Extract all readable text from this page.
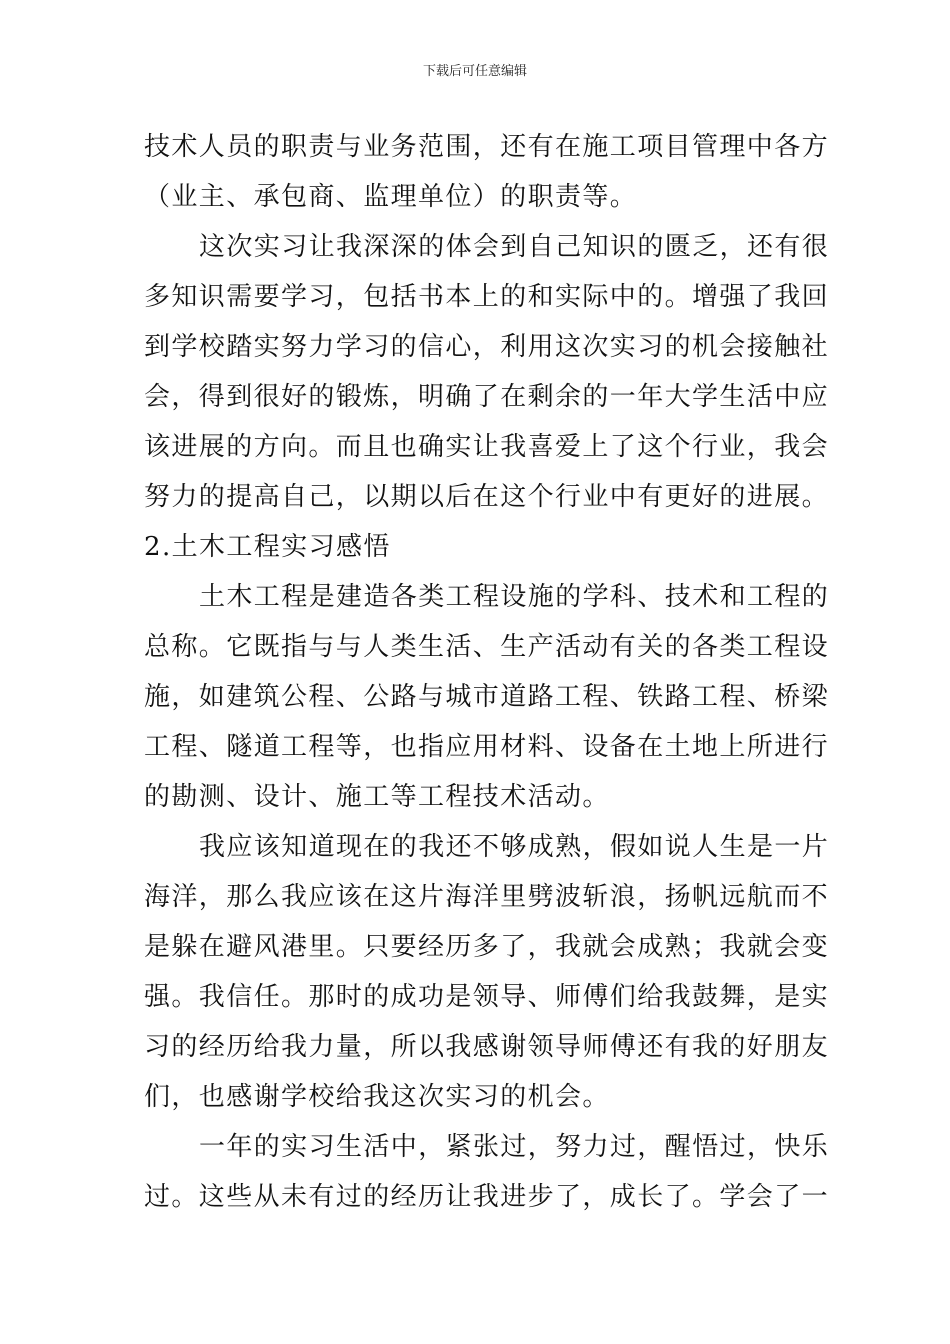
下载后可任意编辑
技术人员的职责与业务范围，还有在施工项目管理中各方
（业主、承包商、监理单位）的职责等。
这次实习让我深深的体会到自己知识的匮乏，还有很
多知识需要学习，包括书本上的和实际中的。增强了我回
到学校踏实努力学习的信心，利用这次实习的机会接触社
会，得到很好的锻炼，明确了在剩余的一年大学生活中应
该进展的方向。而且也确实让我喜爱上了这个行业，我会
努力的提高自己，以期以后在这个行业中有更好的进展。
2.土木工程实习感悟
土木工程是建造各类工程设施的学科、技术和工程的
总称。它既指与与人类生活、生产活动有关的各类工程设
施，如建筑公程、公路与城市道路工程、铁路工程、桥梁
工程、隧道工程等，也指应用材料、设备在土地上所进行
的勘测、设计、施工等工程技术活动。
我应该知道现在的我还不够成熟，假如说人生是一片
海洋，那么我应该在这片海洋里劈波斩浪，扬帆远航而不
是躲在避风港里。只要经历多了，我就会成熟；我就会变
强。我信任。那时的成功是领导、师傅们给我鼓舞，是实
习的经历给我力量，所以我感谢领导师傅还有我的好朋友
们，也感谢学校给我这次实习的机会。
一年的实习生活中，紧张过，努力过，醒悟过，快乐
过。这些从未有过的经历让我进步了，成长了。学会了一
